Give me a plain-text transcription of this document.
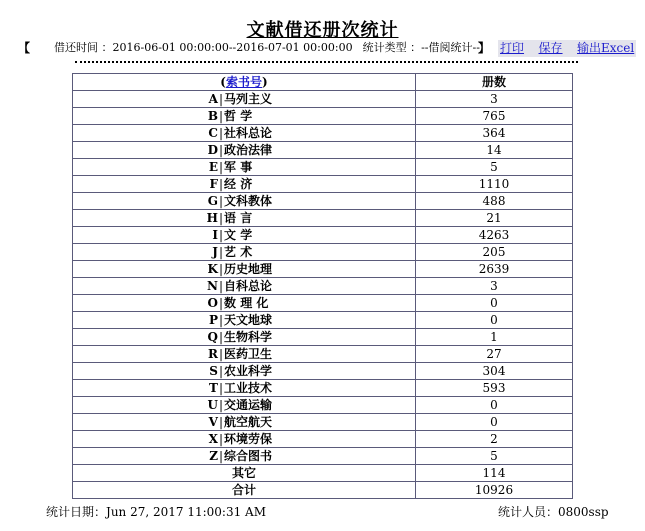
文献借还册次统计
【 借还时间 ：2016-06-01 00:00:00--2016-07-01 00:00:00 统计类型 ：--借阅统计--
】 打印 保存 输出Excel
(索书号)	册数
A|马列主义	3
B|哲 学	765
C|社科总论	364
D|政治法律	14
E|军 事	5
F|经 济	1110
G|文科教体	488
H|语 言	21
I|文 学	4263
J|艺 术	205
K|历史地理	2639
N|自科总论	3
O|数 理 化	0
P|天文地球	0
Q|生物科学	1
R|医药卫生	27
S|农业科学	304
T|工业技术	593
U|交通运输	0
V|航空航天	0
X|环境劳保	2
Z|综合图书	5
其它	114
合计	10926
统计日期：Jun 27, 2017 11:00:31 AM	统计人员：0800ssp
